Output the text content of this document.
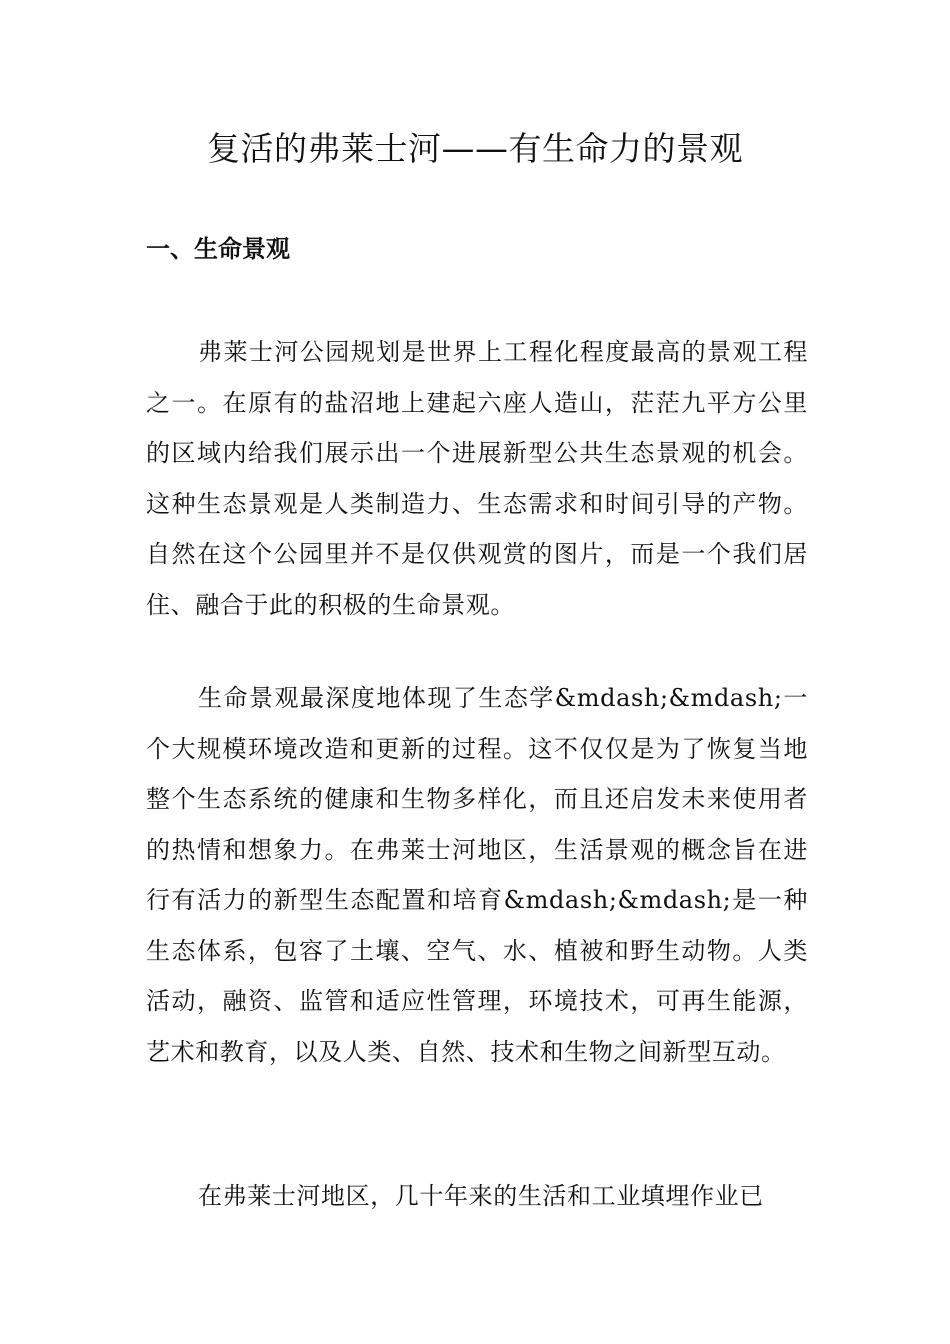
复活的弗莱士河——有生命力的景观
一、生命景观

弗莱士河公园规划是世界上工程化程度最高的景观工程之一。在原有的盐沼地上建起六座人造山，茫茫九平方公里的区域内给我们展示出一个进展新型公共生态景观的机会。这种生态景观是人类制造力、生态需求和时间引导的产物。自然在这个公园里并不是仅供观赏的图片，而是一个我们居住、融合于此的积极的生命景观。

生命景观最深度地体现了生态学&mdash;&mdash;一个大规模环境改造和更新的过程。这不仅仅是为了恢复当地整个生态系统的健康和生物多样化，而且还启发未来使用者的热情和想象力。在弗莱士河地区，生活景观的概念旨在进行有活力的新型生态配置和培育&mdash;&mdash;是一种生态体系，包容了土壤、空气、水、植被和野生动物。人类活动，融资、监管和适应性管理，环境技术，可再生能源，艺术和教育，以及人类、自然、技术和生物之间新型互动。

在弗莱士河地区，几十年来的生活和工业填埋作业已
